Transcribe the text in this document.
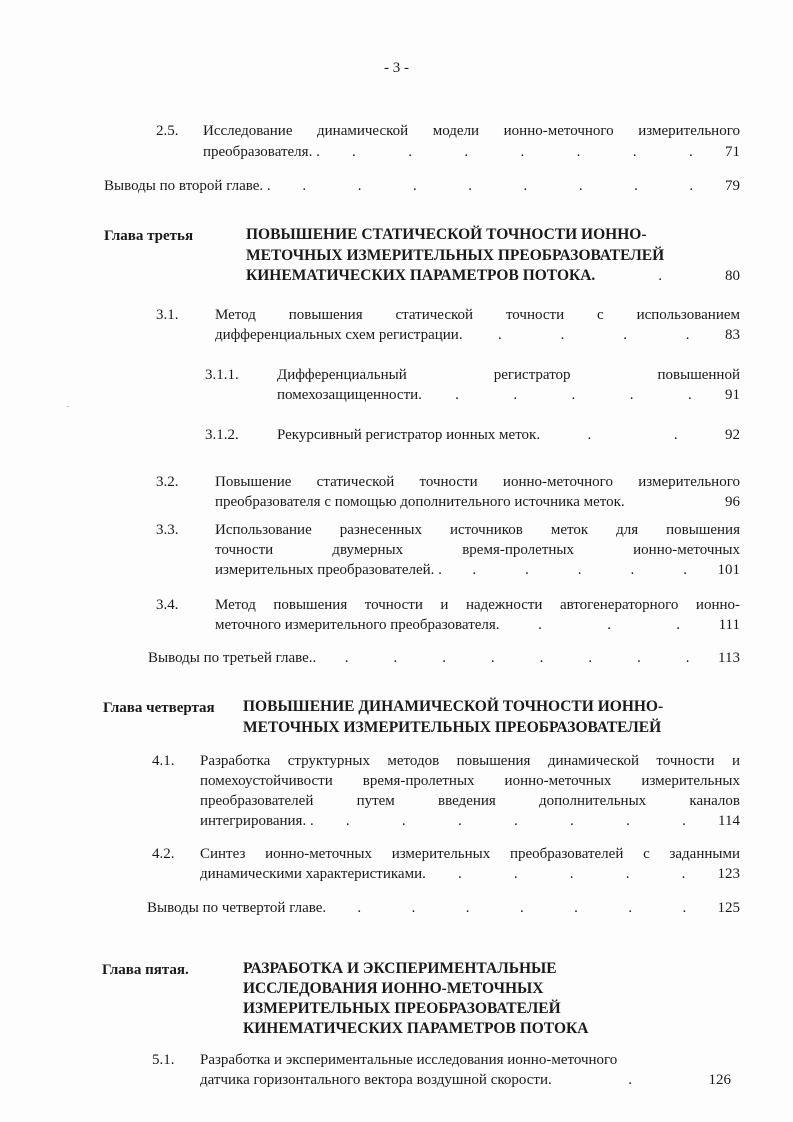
- 3 -
2.5. Исследование динамической модели ионно-меточного измерительного
преобразователя. . .	.	.	.	.	.	. 71
Выводы по второй главе. . .	.	.	.	.	.	.	. 79
Глава третья	ПОВЫШЕНИЕ СТАТИЧЕСКОЙ ТОЧНОСТИ ИОННО-
МЕТОЧНЫХ ИЗМЕРИТЕЛЬНЫХ ПРЕОБРАЗОВАТЕЛЕЙ
КИНЕМАТИЧЕСКИХ ПАРАМЕТРОВ ПОТОКА.	.	80
3.1. Метод повышения статической точности с использованием
дифференциальных схем регистрации. .	.	.	. 83
3.1.1.	Дифференциальный регистратор повышенной
помехозащищенности. .	.	.	.	. 91
3.1.2.	Рекурсивный регистратор ионных меток.	.	.	92
3.2. Повышение статической точности ионно-меточного измерительного
преобразователя с помощью дополнительного источника меток.	96
3.3. Использование разнесенных источников меток для повышения
точности двумерных время-пролетных ионно-меточных
измерительных преобразователей. . .	.	.	.	. 101
3.4. Метод повышения точности и надежности автогенераторного ионно-
меточного измерительного преобразователя.	.	.	.	111
Выводы по третьей главе.. .	.	.	.	.	.	.	. 113
Глава четвертая ПОВЫШЕНИЕ ДИНАМИЧЕСКОЙ ТОЧНОСТИ ИОННО-
МЕТОЧНЫХ ИЗМЕРИТЕЛЬНЫХ ПРЕОБРАЗОВАТЕЛЕЙ
4.1. Разработка структурных методов повышения динамической точности и
помехоустойчивости время-пролетных ионно-меточных измерительных
преобразователей путем введения дополнительных каналов
интегрирования. . .	.	.	.	.	.	. 114
4.2. Синтез ионно-меточных измерительных преобразователей с заданными
динамическими характеристиками. .	.	.	.	. 123
Выводы по четвертой главе. .	.	.	.	.	.	. 125
Глава пятая.	РАЗРАБОТКА И ЭКСПЕРИМЕНТАЛЬНЫЕ
ИССЛЕДОВАНИЯ ИОННО-МЕТОЧНЫХ
ИЗМЕРИТЕЛЬНЫХ ПРЕОБРАЗОВАТЕЛЕЙ
КИНЕМАТИЧЕСКИХ ПАРАМЕТРОВ ПОТОКА
5.1. Разработка и экспериментальные исследования ионно-меточного
датчика горизонтального вектора воздушной скорости.	.	126
